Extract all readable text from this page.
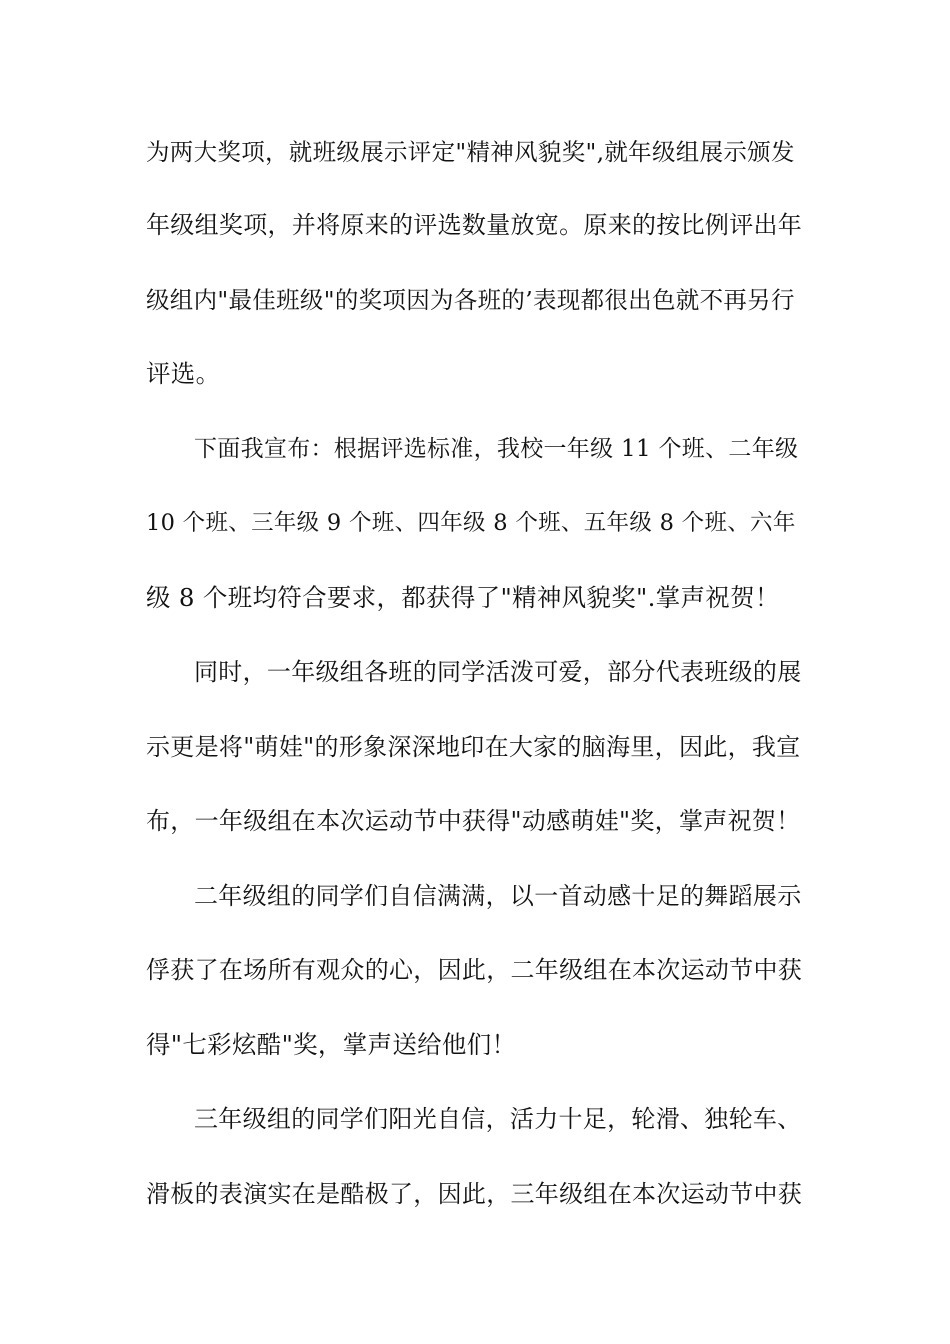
为两大奖项，就班级展示评定"精神风貌奖",就年级组展示颁发
年级组奖项，并将原来的评选数量放宽。原来的按比例评出年
级组内"最佳班级"的奖项因为各班的’表现都很出色就不再另行
评选。
下面我宣布：根据评选标准，我校一年级 11 个班、二年级
10 个班、三年级 9 个班、四年级 8 个班、五年级 8 个班、六年
级 8 个班均符合要求，都获得了"精神风貌奖".掌声祝贺！
同时，一年级组各班的同学活泼可爱，部分代表班级的展
示更是将"萌娃"的形象深深地印在大家的脑海里，因此，我宣
布，一年级组在本次运动节中获得"动感萌娃"奖，掌声祝贺！
二年级组的同学们自信满满，以一首动感十足的舞蹈展示
俘获了在场所有观众的心，因此，二年级组在本次运动节中获
得"七彩炫酷"奖，掌声送给他们！
三年级组的同学们阳光自信，活力十足，轮滑、独轮车、
滑板的表演实在是酷极了，因此，三年级组在本次运动节中获
